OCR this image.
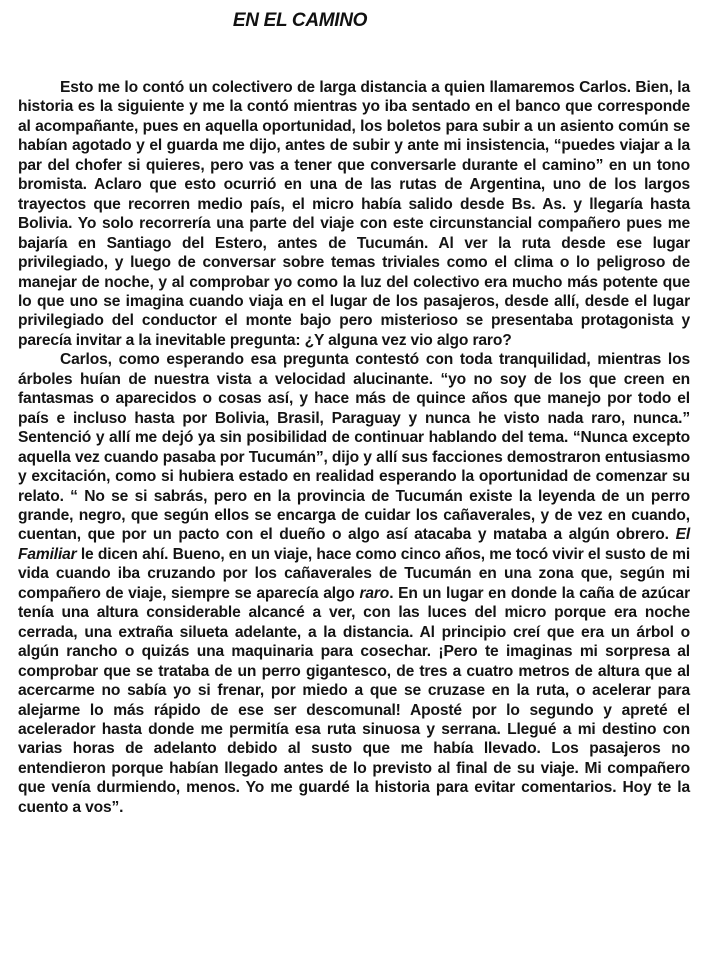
EN EL CAMINO

Esto me lo contó un colectivero de larga distancia a quien llamaremos Carlos. Bien, la historia es la siguiente y me la contó mientras yo iba sentado en el banco que corresponde al acompañante, pues en aquella oportunidad, los boletos para subir a un asiento común se habían agotado y el guarda me dijo, antes de subir y ante mi insistencia, “puedes viajar a la par del chofer si quieres, pero vas a tener que conversarle durante el camino” en un tono bromista. Aclaro que esto ocurrió en una de las rutas de Argentina, uno de los largos trayectos que recorren medio país, el micro había salido desde Bs. As. y llegaría hasta Bolivia. Yo solo recorrería una parte del viaje con este circunstancial compañero pues me bajaría en Santiago del Estero, antes de Tucumán. Al ver la ruta desde ese lugar privilegiado, y luego de conversar sobre temas triviales como el clima o lo peligroso de manejar de noche, y al comprobar yo como la luz del colectivo era mucho más potente que lo que uno se imagina cuando viaja en el lugar de los pasajeros, desde allí, desde el lugar privilegiado del conductor el monte bajo pero misterioso se presentaba protagonista y parecía invitar a la inevitable pregunta: ¿Y alguna vez vio algo raro?

Carlos, como esperando esa pregunta contestó con toda tranquilidad, mientras los árboles huían de nuestra vista a velocidad alucinante. “yo no soy de los que creen en fantasmas o aparecidos o cosas así, y hace más de quince años que manejo por todo el país e incluso hasta por Bolivia, Brasil, Paraguay y nunca he visto nada raro, nunca.” Sentenció y allí me dejó ya sin posibilidad de continuar hablando del tema. “Nunca excepto aquella vez cuando pasaba por Tucumán”, dijo y allí sus facciones demostraron entusiasmo y excitación, como si hubiera estado en realidad esperando la oportunidad de comenzar su relato. “ No se si sabrás, pero en la provincia de Tucumán existe la leyenda de un perro grande, negro, que según ellos se encarga de cuidar los cañaverales, y de vez en cuando, cuentan, que por un pacto con el dueño o algo así atacaba y mataba a algún obrero. El Familiar le dicen ahí. Bueno, en un viaje, hace como cinco años, me tocó vivir el susto de mi vida cuando iba cruzando por los cañaverales de Tucumán en una zona que, según mi compañero de viaje, siempre se aparecía algo raro. En un lugar en donde la caña de azúcar tenía una altura considerable alcancé a ver, con las luces del micro porque era noche cerrada, una extraña silueta adelante, a la distancia. Al principio creí que era un árbol o algún rancho o quizás una maquinaria para cosechar. ¡Pero te imaginas mi sorpresa al comprobar que se trataba de un perro gigantesco, de tres a cuatro metros de altura que al acercarme no sabía yo si frenar, por miedo a que se cruzase en la ruta, o acelerar para alejarme lo más rápido de ese ser descomunal! Aposté por lo segundo y apreté el acelerador hasta donde me permitía esa ruta sinuosa y serrana. Llegué a mi destino con varias horas de adelanto debido al susto que me había llevado. Los pasajeros no entendieron porque habían llegado antes de lo previsto al final de su viaje. Mi compañero que venía durmiendo, menos. Yo me guardé la historia para evitar comentarios. Hoy te la cuento a vos”.
